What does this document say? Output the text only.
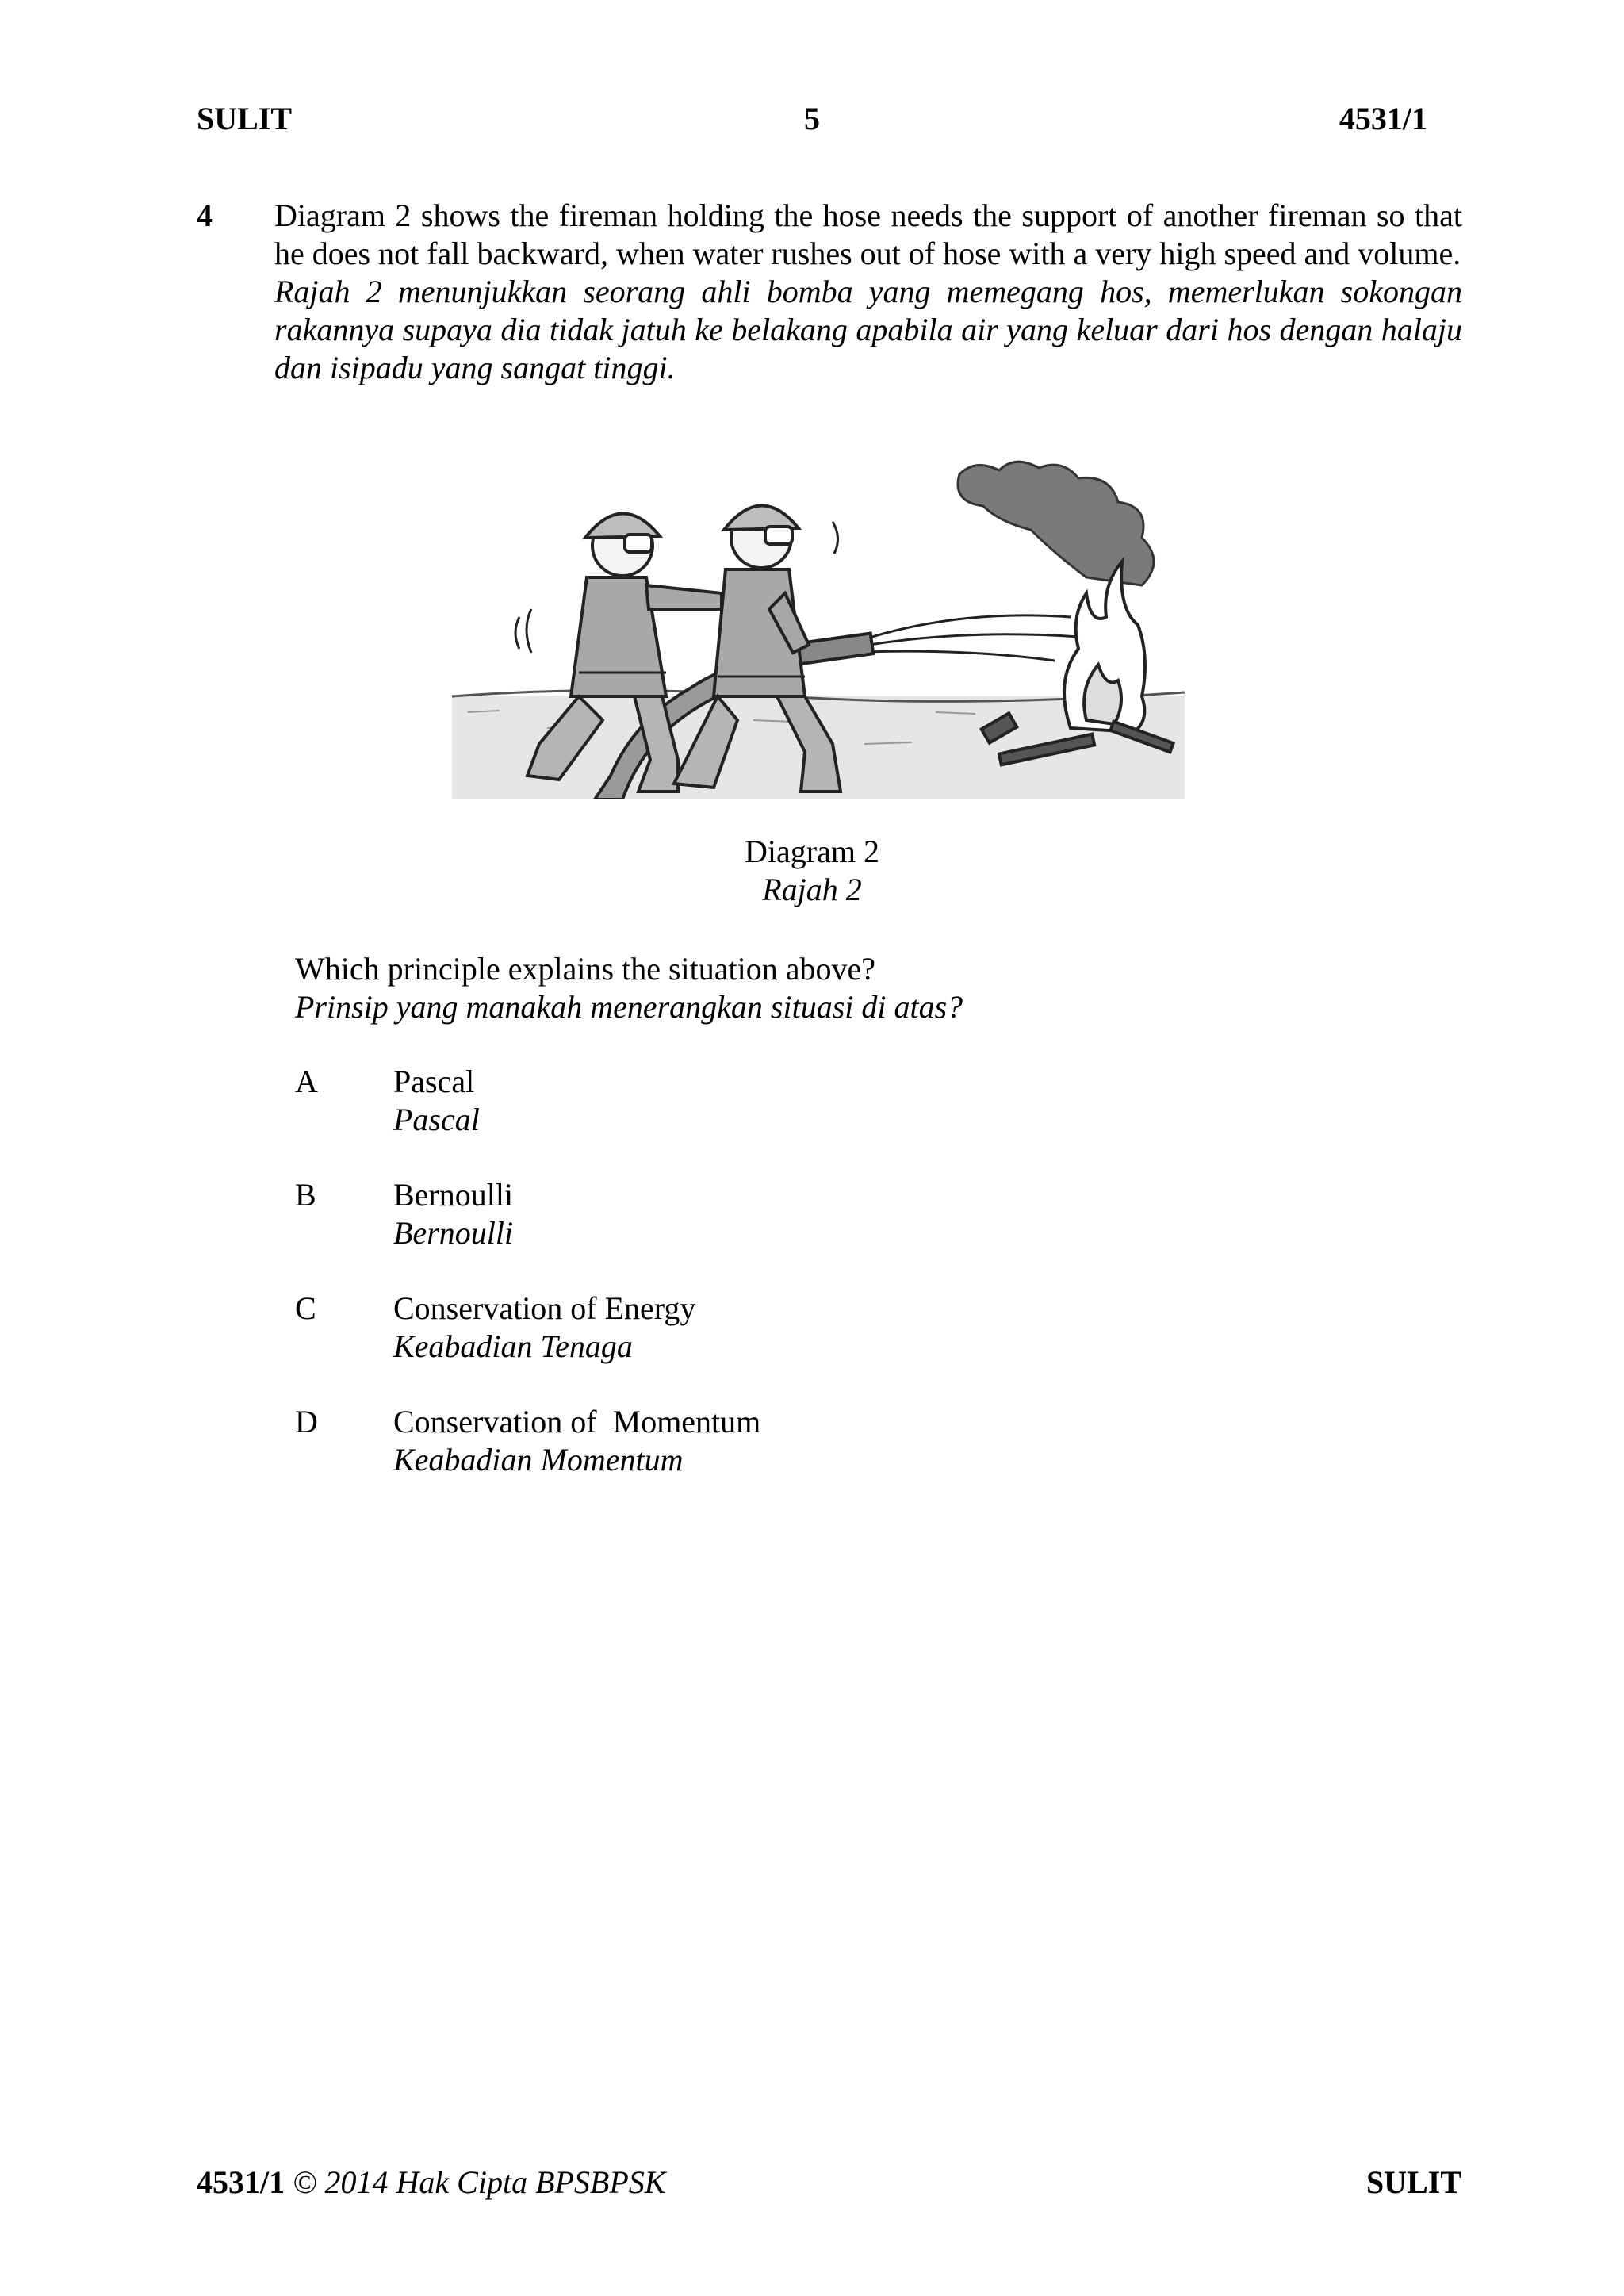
SULIT	5	4531/1
4 Diagram 2 shows the fireman holding the hose needs the support of another fireman so that he does not fall backward, when water rushes out of hose with a very high speed and volume.

Rajah 2 menunjukkan seorang ahli bomba yang memegang hos, memerlukan sokongan rakannya supaya dia tidak jatuh ke belakang apabila air yang keluar dari hos dengan halaju dan isipadu yang sangat tinggi.

Diagram 2
Rajah 2
Which principle explains the situation above?
Prinsip yang manakah menerangkan situasi di atas?
A	Pascal
Pascal
B	Bernoulli
Bernoulli
C	Conservation of Energy
Keabadian Tenaga
D	Conservation of  Momentum
Keabadian Momentum
4531/1 © 2014 Hak Cipta BPSBPSK	SULIT
